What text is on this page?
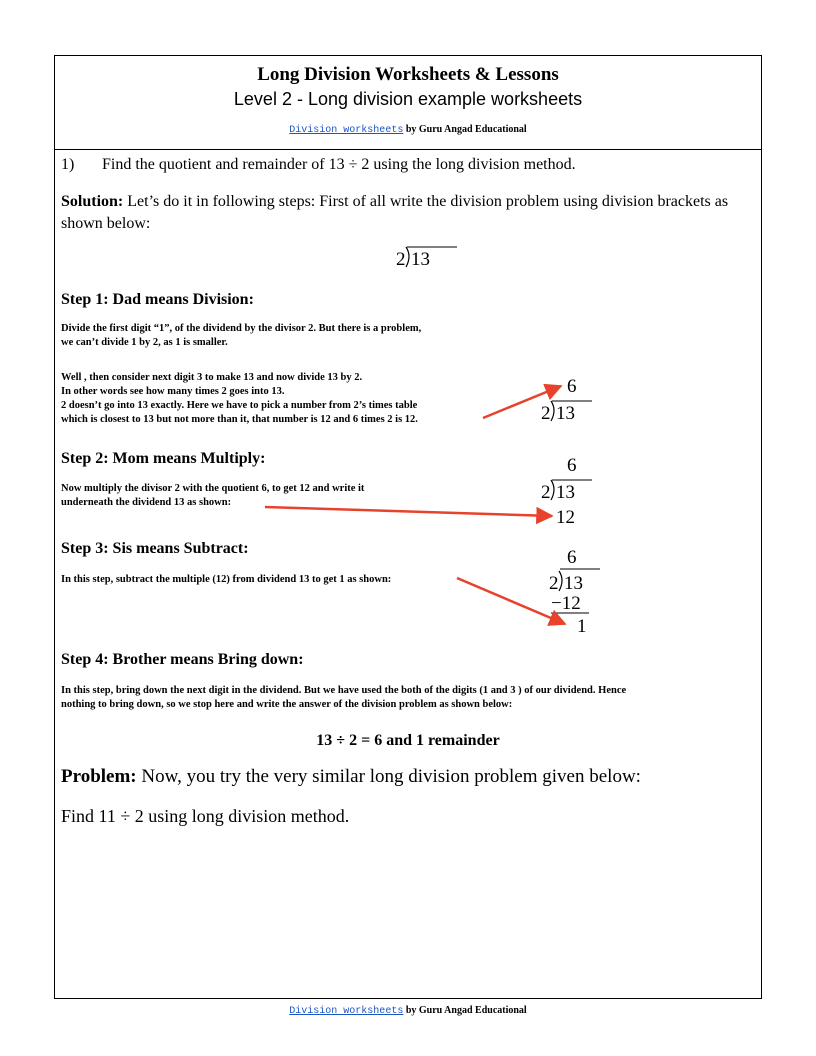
Long Division Worksheets & Lessons
Level 2 - Long division example worksheets
Division worksheets by Guru Angad Educational
1) Find the quotient and remainder of 13 ÷ 2 using the long division method.
Solution: Let’s do it in following steps: First of all write the division problem using division brackets as shown below:
Step 1: Dad means Division:
Divide the first digit “1”, of the dividend by the divisor 2. But there is a problem,
we can’t divide 1 by 2, as 1 is smaller.
Well , then consider next digit 3 to make 13 and now divide 13 by 2.
In other words see how many times 2 goes into 13.
2 doesn’t go into 13 exactly. Here we have to pick a number from 2’s times table
which is closest to 13 but not more than it, that number is 12 and 6 times 2 is 12.
Step 2: Mom means Multiply:
Now multiply the divisor 2 with the quotient 6, to get 12 and write it
underneath the dividend 13 as shown:
Step 3: Sis means Subtract:
In this step, subtract the multiple (12) from dividend 13 to get 1 as shown:
Step 4: Brother means Bring down:
In this step, bring down the next digit in the dividend. But we have used the both of the digits (1 and 3 ) of our dividend. Hence
nothing to bring down, so we stop here and write the answer of the division problem as shown below:
13 ÷ 2 = 6 and 1 remainder
Problem: Now, you try the very similar long division problem given below:
Find 11 ÷ 2 using long division method.
2 13
6
2 13
6
2 13
12
6
2 13
−12
1
Division worksheets by Guru Angad Educational
